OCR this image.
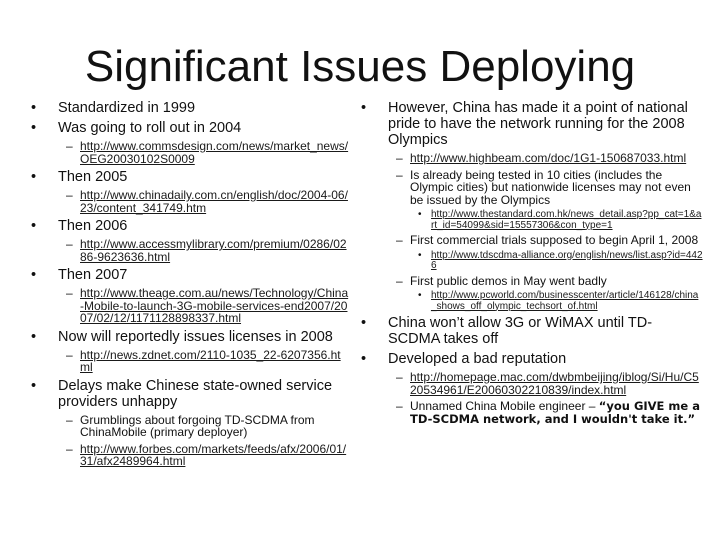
Significant Issues Deploying
• Standardized in 1999
• Was going to roll out in 2004
– http://www.commsdesign.com/news/market_news/OEG20030102S0009
• Then 2005
– http://www.chinadaily.com.cn/english/doc/2004-06/23/content_341749.htm
• Then 2006
– http://www.accessmylibrary.com/premium/0286/0286-9623636.html
• Then 2007
– http://www.theage.com.au/news/Technology/China-Mobile-to-launch-3G-mobile-services-end2007/2007/02/12/1171128898337.html
• Now will reportedly issues licenses in 2008
– http://news.zdnet.com/2110-1035_22-6207356.html
• Delays make Chinese state-owned service providers unhappy
– Grumblings about forgoing TD-SCDMA from ChinaMobile (primary deployer)
– http://www.forbes.com/markets/feeds/afx/2006/01/31/afx2489964.html
• However, China has made it a point of national pride to have the network running for the 2008 Olympics
– http://www.highbeam.com/doc/1G1-150687033.html
– Is already being tested in 10 cities (includes the Olympic cities) but nationwide licenses may not even be issued by the Olympics
• http://www.thestandard.com.hk/news_detail.asp?pp_cat=1&art_id=54099&sid=15557306&con_type=1
– First commercial trials supposed to begin April 1, 2008
• http://www.tdscdma-alliance.org/english/news/list.asp?id=4426
– First public demos in May went badly
• http://www.pcworld.com/businesscenter/article/146128/china_shows_off_olympic_techsort_of.html
• China won’t allow 3G or WiMAX until TD-SCDMA takes off
• Developed a bad reputation
– http://homepage.mac.com/dwbmbeijing/iblog/Si/Hu/C520534961/E20060302210839/index.html
– Unnamed China Mobile engineer – “you GIVE me a TD-SCDMA network, and I wouldn't take it.”
